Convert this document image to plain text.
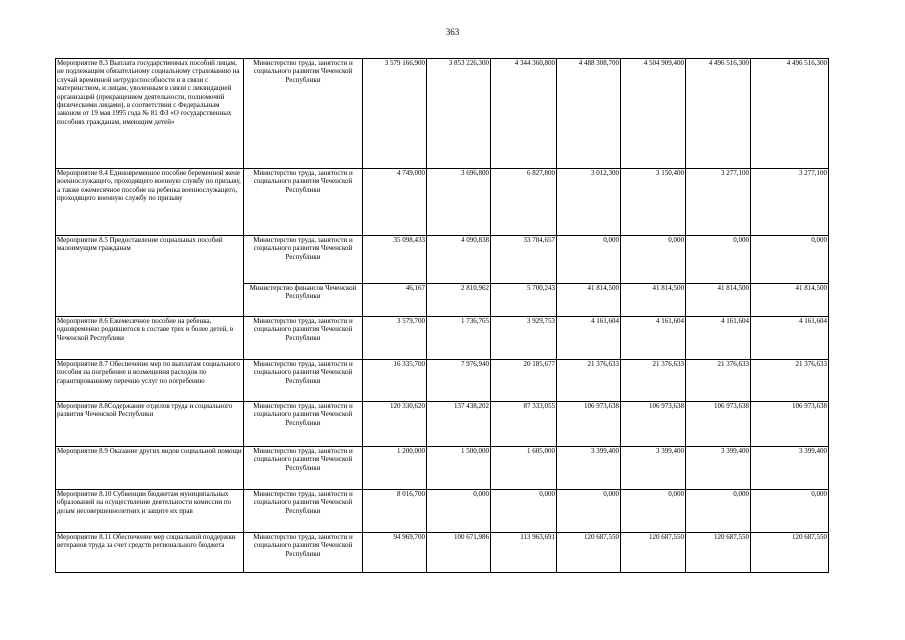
363
Мероприятие 8.3 Выплата государственных пособий лицам, не подлежащим обязательному социальному страхованию на случай временной нетрудоспособности и в связи с материнством, и лицам, уволенным в связи с ликвидацией организаций (прекращением деятельности, полномочий физическими лицами), в соответствии с Федеральным законом от 19 мая 1995 года № 81 ФЗ «О государственных пособиях гражданам, имеющим детей»	Министерство труда, занятости и социального развития Чеченской Республики	3 579 166,900	3 853 226,300	4 344 360,800	4 488 308,700	4 504 909,400	4 496 516,300	4 496 516,300
Мероприятие 8.4 Единовременное пособие беременной жене военнослужащего, проходящего военную службу по призыву, а также ежемесячное пособие на ребенка военнослужащего, проходящего военную службу по призыву	Министерство труда, занятости и социального развития Чеченской Республики	4 749,000	3 696,800	6 827,800	3 012,300	3 150,400	3 277,100	3 277,100
Мероприятие 8.5 Предоставление социальных пособий малоимущим гражданам	Министерство труда, занятости и социального развития Чеченской Республики	35 098,433	4 090,838	33 784,657	0,000	0,000	0,000	0,000
	Министерство финансов Чеченской Республики	46,167	2 810,962	5 700,243	41 814,500	41 814,500	41 814,500	41 814,500
Мероприятие 8.6 Ежемесячное пособие на ребенка, одновременно родившегося в составе трех и более детей, в Чеченской Республике	Министерство труда, занятости и социального развития Чеченской Республики	3 579,700	1 736,765	3 929,753	4 161,604	4 161,604	4 161,604	4 161,604
Мероприятие 8.7 Обеспечение мер по выплатам социального пособия на погребение и возмещения расходов по гарантированному перечню услуг по погребению	Министерство труда, занятости и социального развития Чеченской Республики	16 335,700	7 976,940	20 185,677	21 376,633	21 376,633	21 376,633	21 376,633
Мероприятие 8.8Содержание отделов труда и социального развития Чеченской Республики	Министерство труда, занятости и социального развития Чеченской Республики	120 330,620	137 438,202	87 333,055	106 973,638	106 973,638	106 973,638	106 973,638
Мероприятие 8.9 Оказание других видов социальной помощи	Министерство труда, занятости и социального развития Чеченской Республики	1 200,000	1 500,000	1 605,000	3 399,400	3 399,400	3 399,400	3 399,400
Мероприятие 8.10 Субвенции бюджетам муниципальных образований на осуществление деятельности комиссии по делам несовершеннолетних и защите их прав	Министерство труда, занятости и социального развития Чеченской Республики	8 016,700	0,000	0,000	0,000	0,000	0,000	0,000
Мероприятие 8.11 Обеспечение мер социальной поддержки ветеранов труда за счет средств регионального бюджета	Министерство труда, занятости и социального развития Чеченской Республики	94 969,700	100 671,986	113 963,691	120 687,550	120 687,550	120 687,550	120 687,550
